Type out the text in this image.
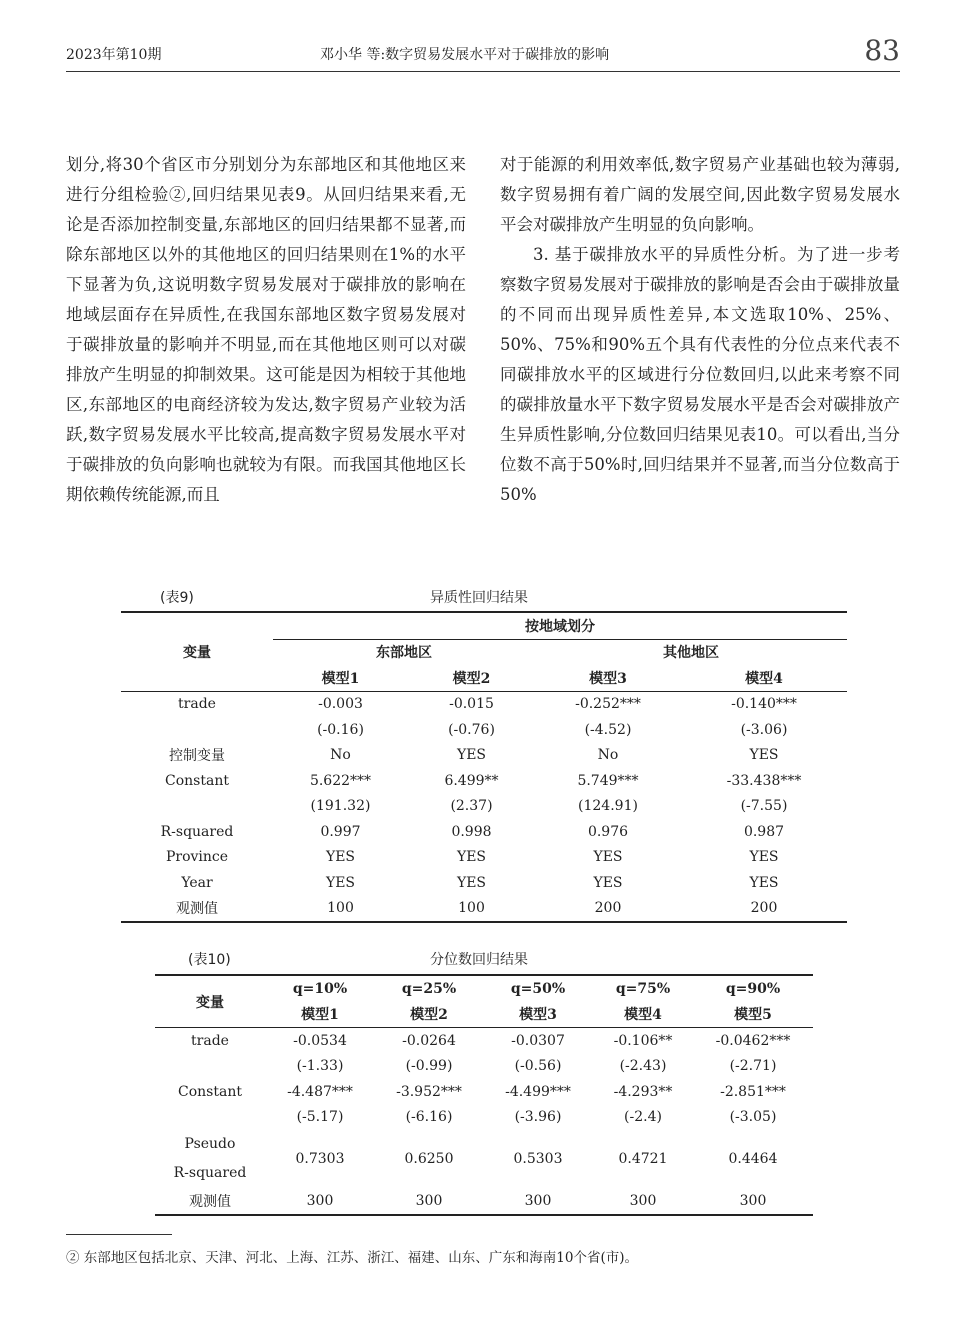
2023年第10期	邓小华 等:数字贸易发展水平对于碳排放的影响	83

划分,将30个省区市分别划分为东部地区和其他地区来进行分组检验②,回归结果见表9。从回归结果来看,无论是否添加控制变量,东部地区的回归结果都不显著,而除东部地区以外的其他地区的回归结果则在1%的水平下显著为负,这说明数字贸易发展对于碳排放的影响在地域层面存在异质性,在我国东部地区数字贸易发展对于碳排放量的影响并不明显,而在其他地区则可以对碳排放产生明显的抑制效果。这可能是因为相较于其他地区,东部地区的电商经济较为发达,数字贸易产业较为活跃,数字贸易发展水平比较高,提高数字贸易发展水平对于碳排放的负向影响也就较为有限。而我国其他地区长期依赖传统能源,而且

对于能源的利用效率低,数字贸易产业基础也较为薄弱,数字贸易拥有着广阔的发展空间,因此数字贸易发展水平会对碳排放产生明显的负向影响。

3. 基于碳排放水平的异质性分析。为了进一步考察数字贸易发展对于碳排放的影响是否会由于碳排放量的不同而出现异质性差异,本文选取10%、25%、50%、75%和90%五个具有代表性的分位点来代表不同碳排放水平的区域进行分位数回归,以此来考察不同的碳排放量水平下数字贸易发展水平是否会对碳排放产生异质性影响,分位数回归结果见表10。可以看出,当分位数不高于50%时,回归结果并不显著,而当分位数高于50%

(表9)	异质性回归结果
变量	按地域划分			
	东部地区		其他地区	
	模型1	模型2	模型3	模型4
trade	-0.003	-0.015	-0.252***	-0.140***
	(-0.16)	(-0.76)	(-4.52)	(-3.06)
控制变量	No	YES	No	YES
Constant	5.622***	6.499**	5.749***	-33.438***
	(191.32)	(2.37)	(124.91)	(-7.55)
R-squared	0.997	0.998	0.976	0.987
Province	YES	YES	YES	YES
Year	YES	YES	YES	YES
观测值	100	100	200	200
(表10)	分位数回归结果
变量	q=10%	q=25%	q=50%	q=75%	q=90%
	模型1	模型2	模型3	模型4	模型5
trade	-0.0534	-0.0264	-0.0307	-0.106**	-0.0462***
	(-1.33)	(-0.99)	(-0.56)	(-2.43)	(-2.71)
Constant	-4.487***	-3.952***	-4.499***	-4.293**	-2.851***
	(-5.17)	(-6.16)	(-3.96)	(-2.4)	(-3.05)
Pseudo
R-squared	0.7303	0.6250	0.5303	0.4721	0.4464
观测值	300	300	300	300	300
② 东部地区包括北京、天津、河北、上海、江苏、浙江、福建、山东、广东和海南10个省(市)。
